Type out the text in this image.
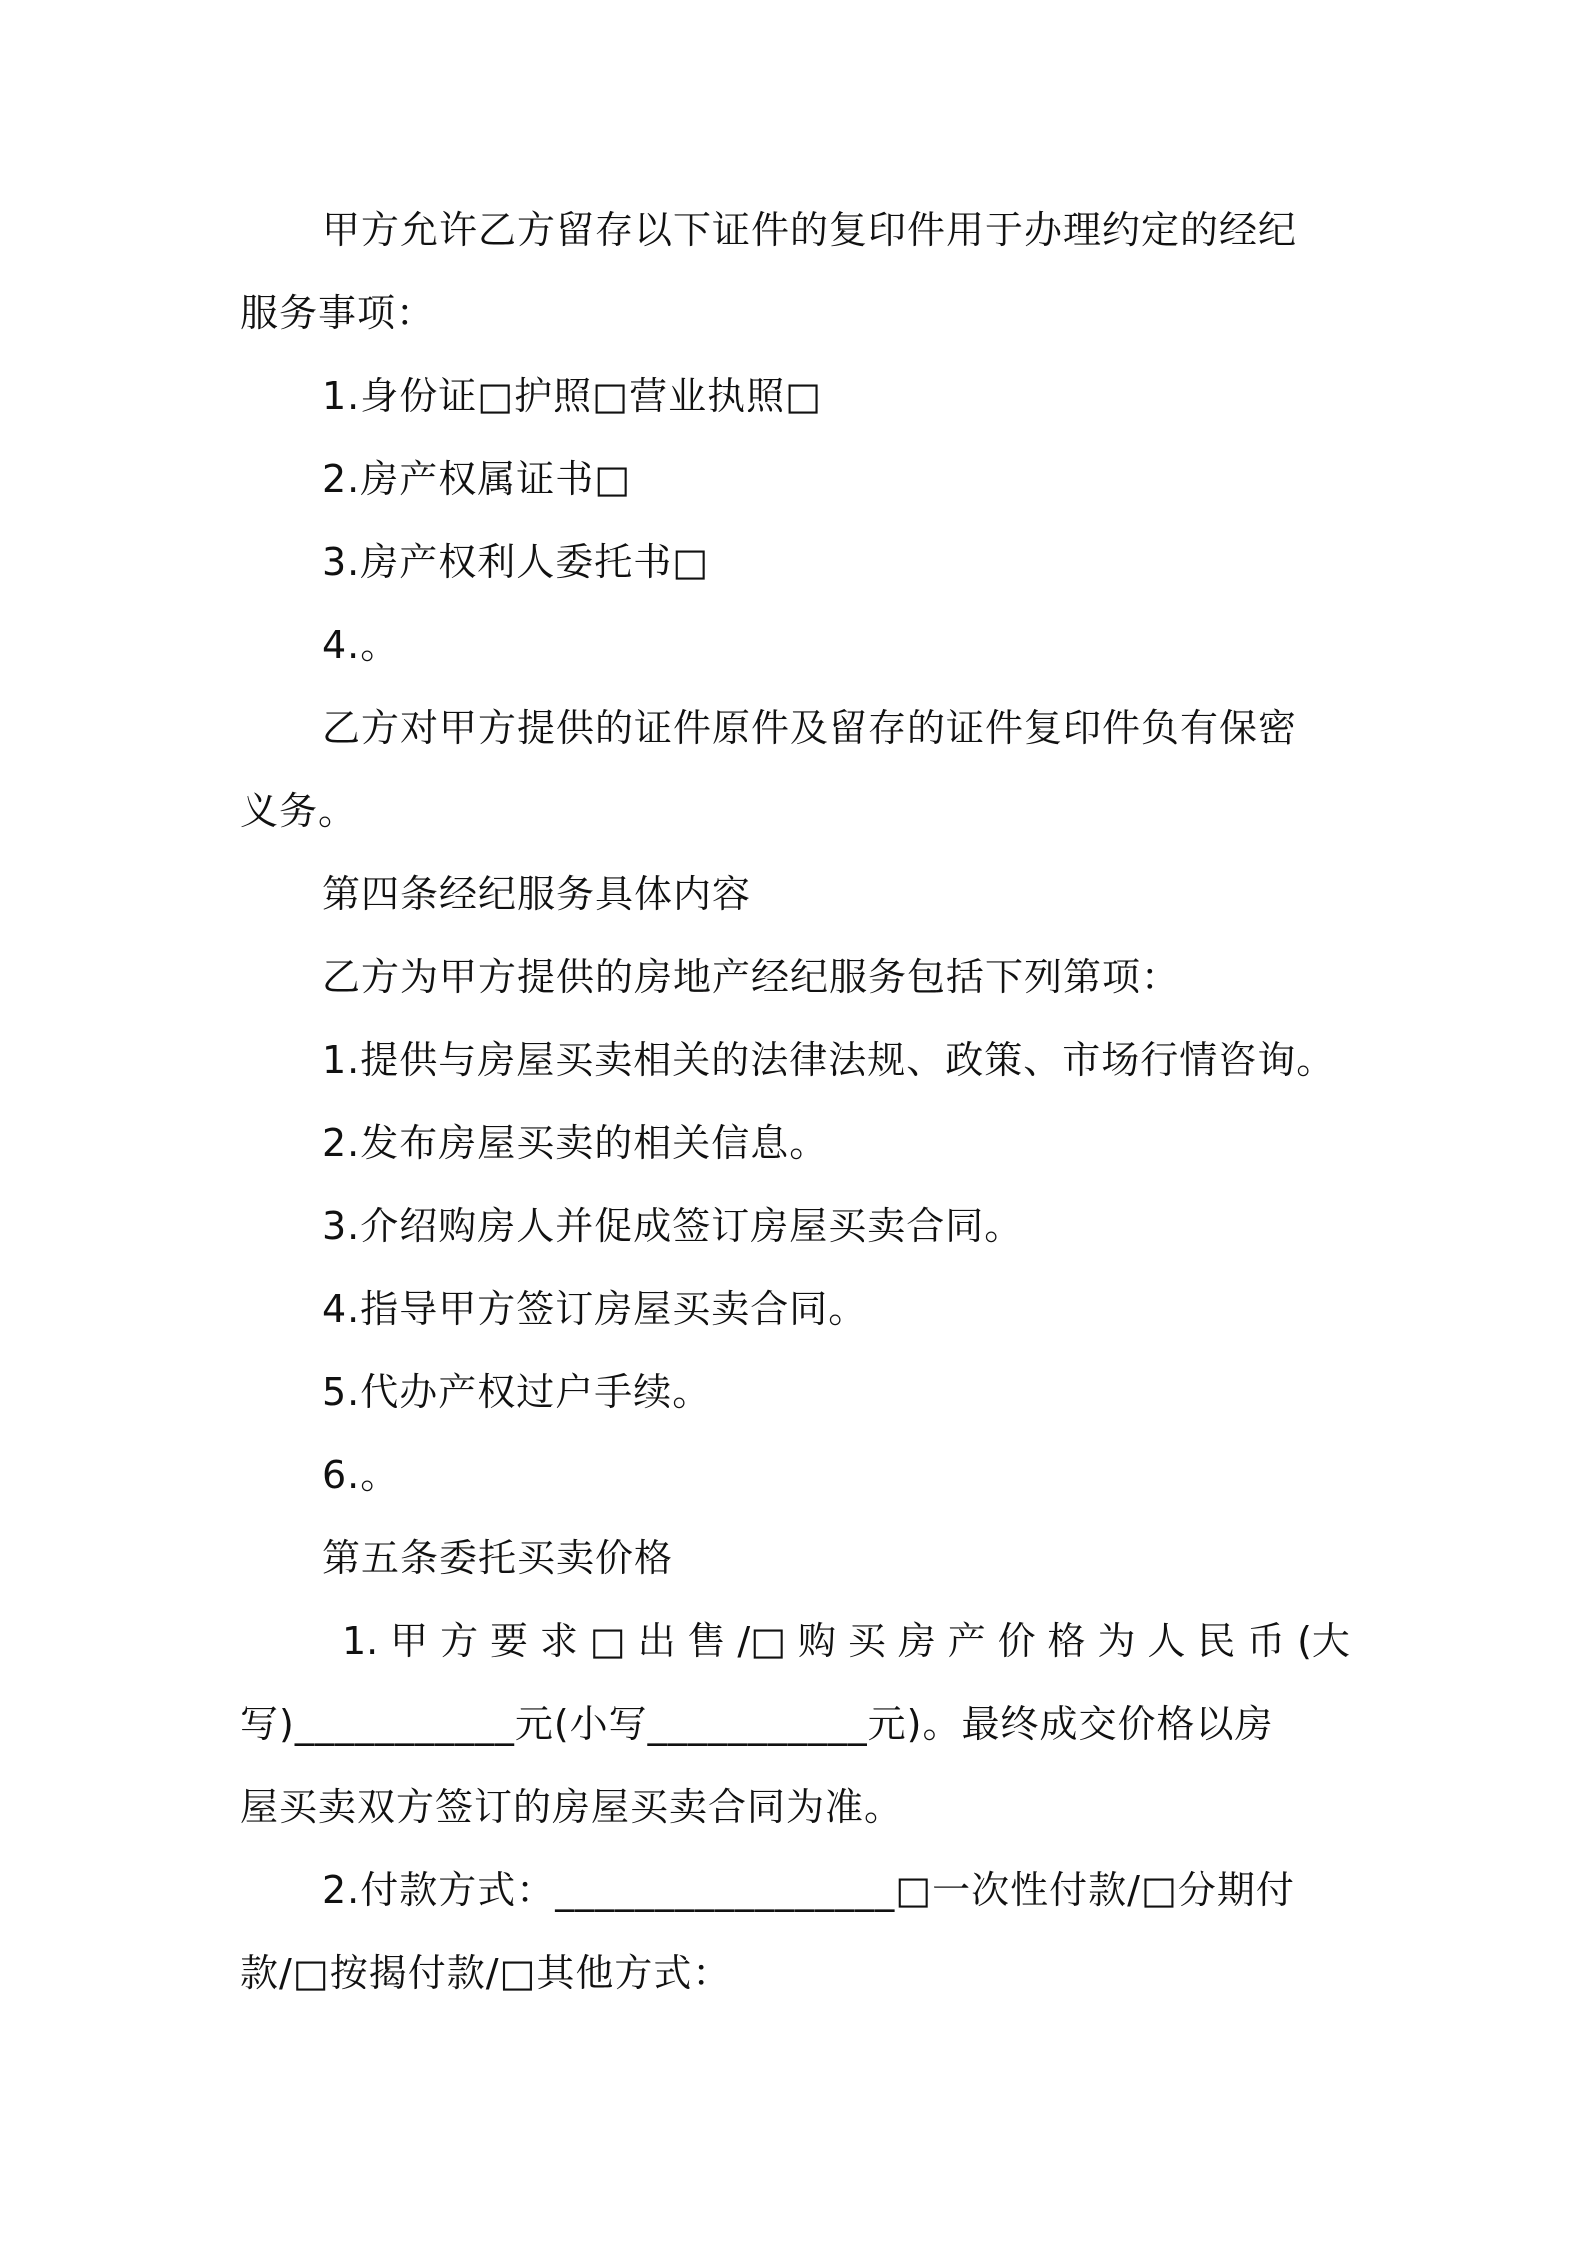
甲方允许乙方留存以下证件的复印件用于办理约定的经纪
服务事项：
1.身份证□护照□营业执照□
2.房产权属证书□
3.房产权利人委托书□
4.。
乙方对甲方提供的证件原件及留存的证件复印件负有保密
义务。
第四条经纪服务具体内容
乙方为甲方提供的房地产经纪服务包括下列第项：
1.提供与房屋买卖相关的法律法规、政策、市场行情咨询。
2.发布房屋买卖的相关信息。
3.介绍购房人并促成签订房屋买卖合同。
4.指导甲方签订房屋买卖合同。
5.代办产权过户手续。
6.。
第五条委托买卖价格
1. 甲 方 要 求 □ 出 售 /□ 购 买 房 产 价 格 为 人 民 币 (大
写)___________元(小写___________元)。最终成交价格以房
屋买卖双方签订的房屋买卖合同为准。
2.付款方式：_________________□一次性付款/□分期付
款/□按揭付款/□其他方式：
